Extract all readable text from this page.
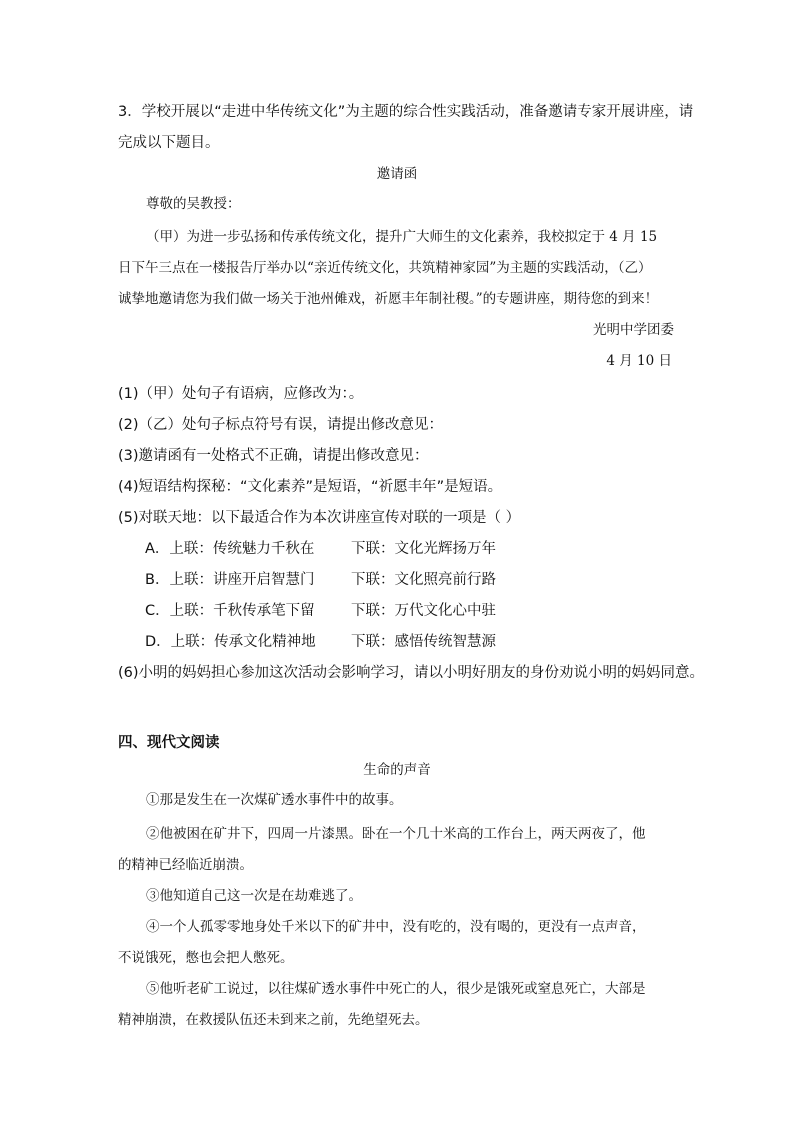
3．学校开展以“走进中华传统文化”为主题的综合性实践活动，准备邀请专家开展讲座，请
完成以下题目。
邀请函
尊敬的吴教授：
（甲）为进一步弘扬和传承传统文化，提升广大师生的文化素养，我校拟定于 4 月 15
日下午三点在一楼报告厅举办以“亲近传统文化，共筑精神家园”为主题的实践活动，（乙）
诚挚地邀请您为我们做一场关于池州傩戏，祈愿丰年制社稷。”的专题讲座，期待您的到来！
光明中学团委
4 月 10 日
(1)（甲）处句子有语病，应修改为：。
(2)（乙）处句子标点符号有误，请提出修改意见：
(3)邀请函有一处格式不正确，请提出修改意见：
(4)短语结构探秘：“文化素养”是短语，“祈愿丰年”是短语。
(5)对联天地：以下最适合作为本次讲座宣传对联的一项是（ ）
A．上联：传统魅力千秋在	下联：文化光辉扬万年
B．上联：讲座开启智慧门	下联：文化照亮前行路
C．上联：千秋传承笔下留	下联：万代文化心中驻
D．上联：传承文化精神地 下联：感悟传统智慧源
(6)小明的妈妈担心参加这次活动会影响学习，请以小明好朋友的身份劝说小明的妈妈同意。
四、现代文阅读
生命的声音
①那是发生在一次煤矿透水事件中的故事。
②他被困在矿井下，四周一片漆黑。卧在一个几十米高的工作台上，两天两夜了，他
的精神已经临近崩溃。
③他知道自己这一次是在劫难逃了。
④一个人孤零零地身处千米以下的矿井中，没有吃的，没有喝的，更没有一点声音，
不说饿死，憋也会把人憋死。
⑤他听老矿工说过，以往煤矿透水事件中死亡的人，很少是饿死或窒息死亡，大部是
精神崩溃，在救援队伍还未到来之前，先绝望死去。
